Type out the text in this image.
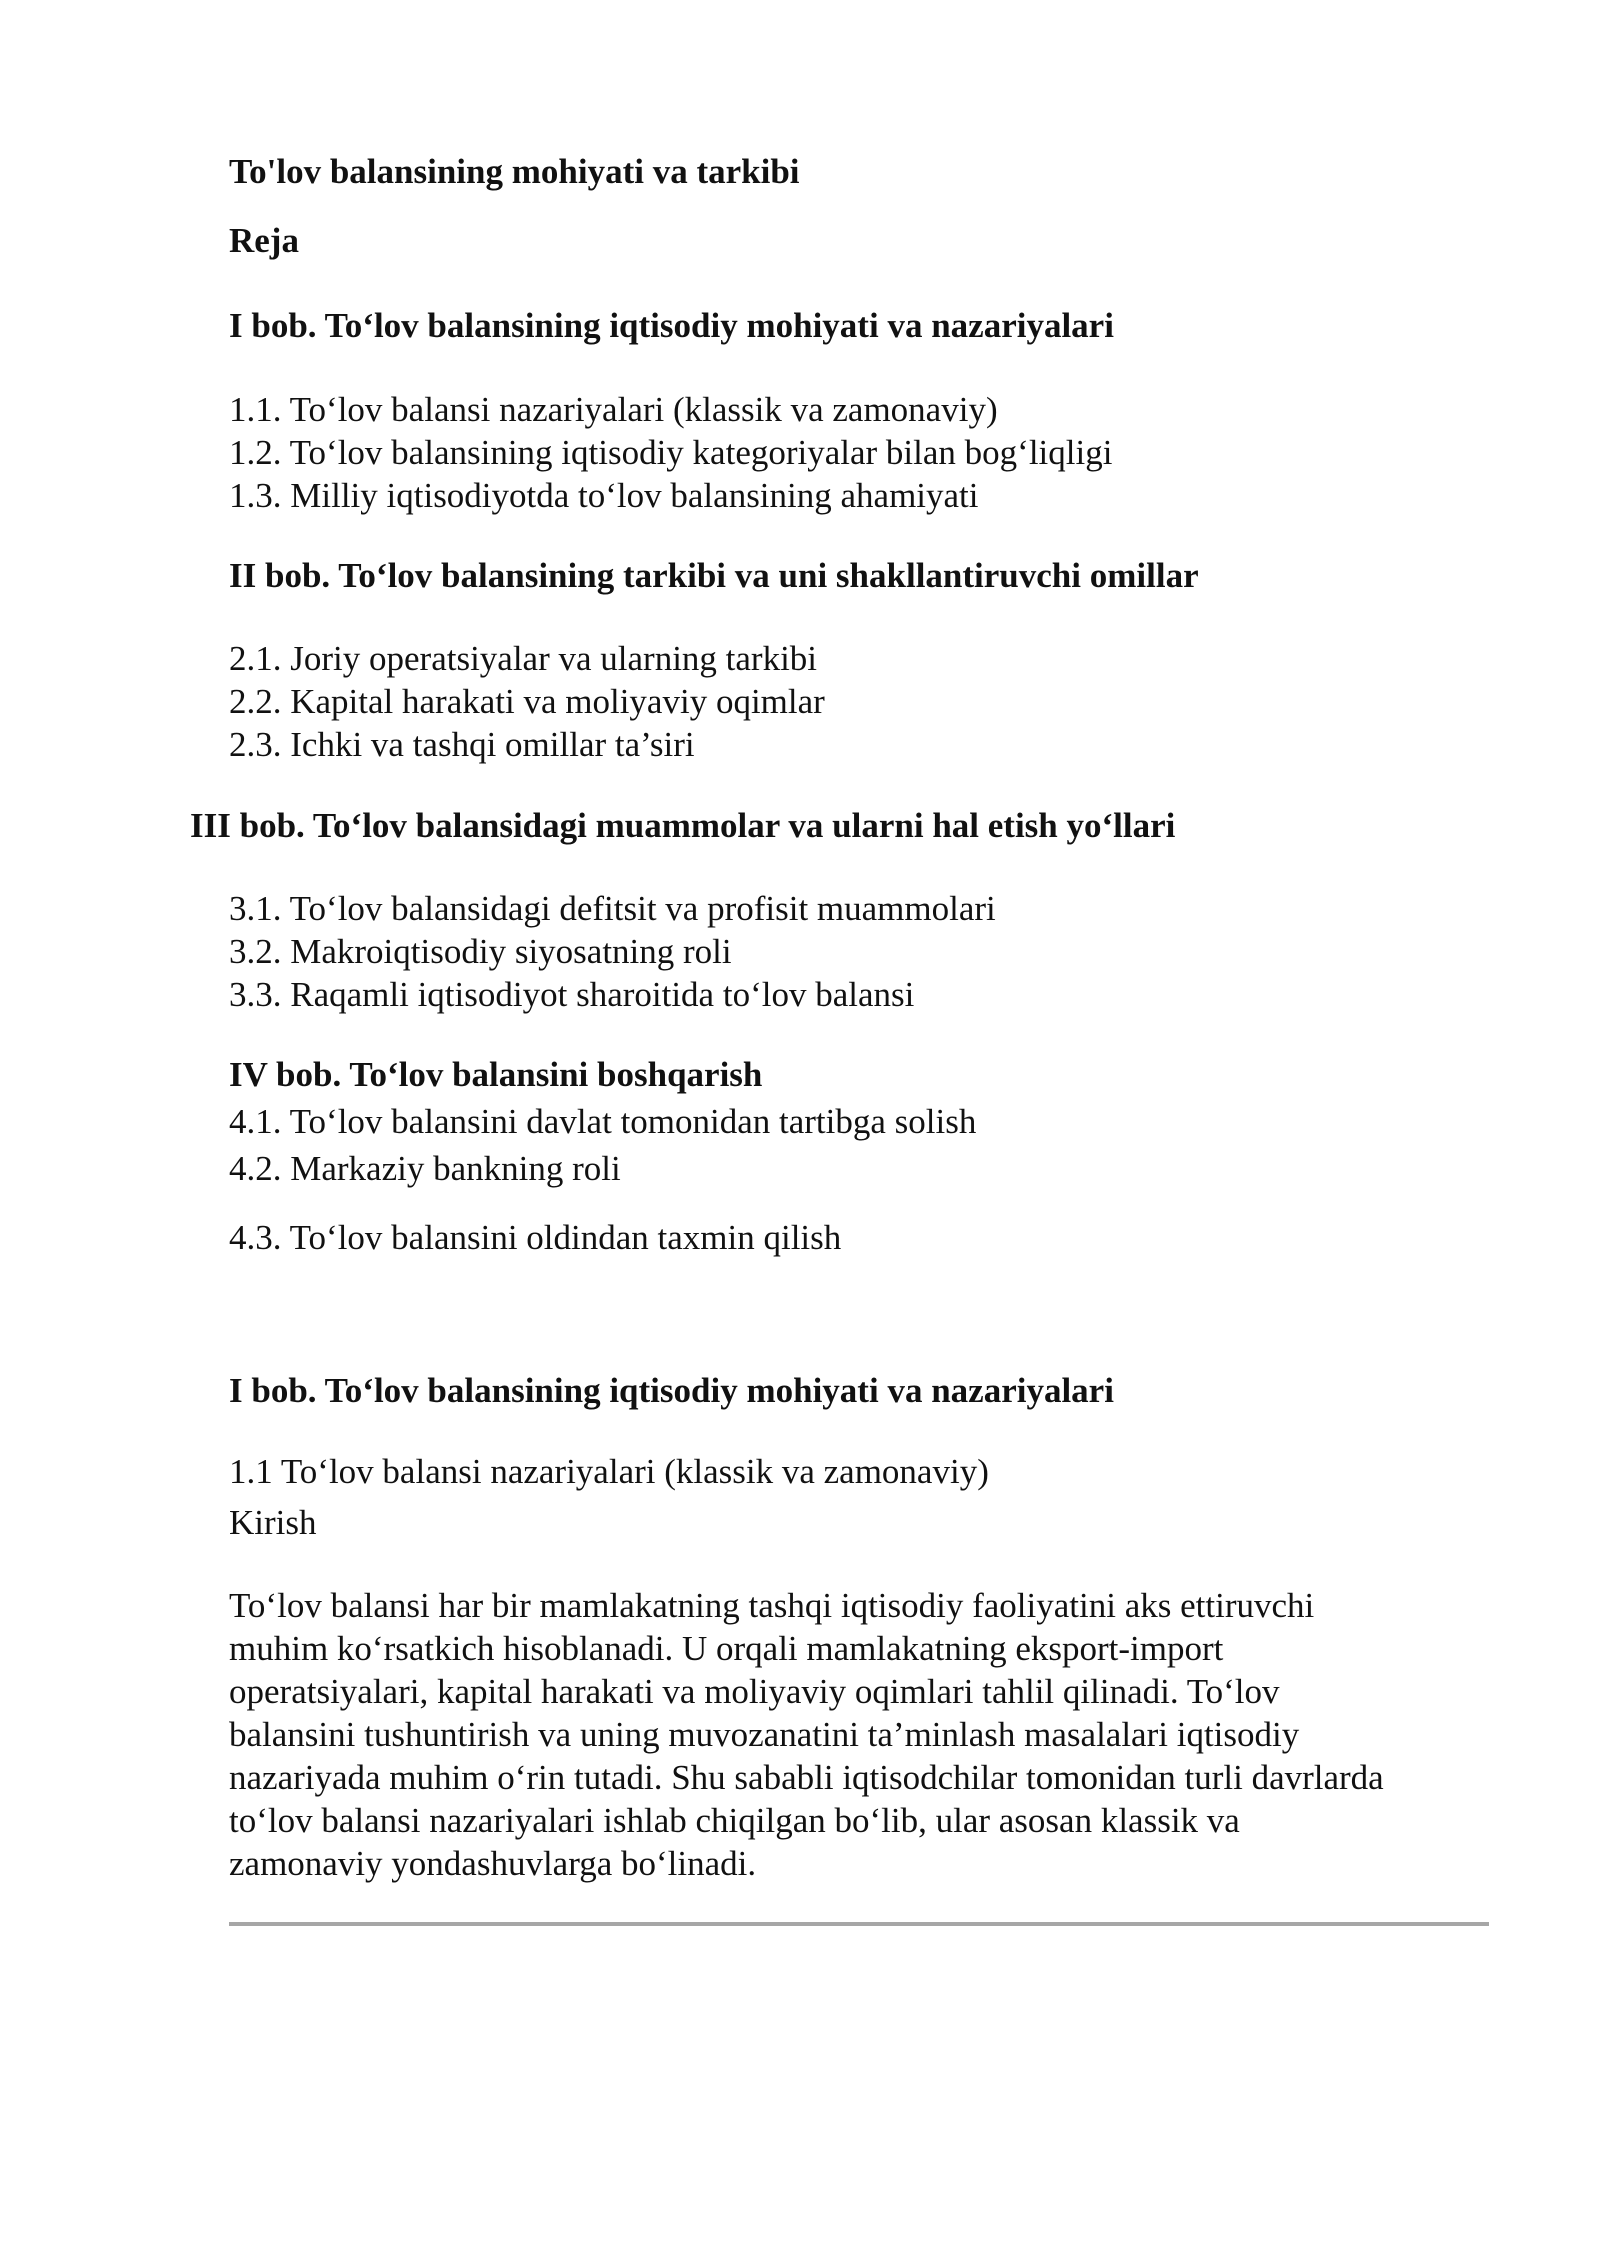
To'lov balansining mohiyati va tarkibi
Reja
I bob. To‘lov balansining iqtisodiy mohiyati va nazariyalari
1.1. To‘lov balansi nazariyalari (klassik va zamonaviy)
1.2. To‘lov balansining iqtisodiy kategoriyalar bilan bog‘liqligi
1.3. Milliy iqtisodiyotda to‘lov balansining ahamiyati
II bob. To‘lov balansining tarkibi va uni shakllantiruvchi omillar
2.1. Joriy operatsiyalar va ularning tarkibi
2.2. Kapital harakati va moliyaviy oqimlar
2.3. Ichki va tashqi omillar ta’siri
III bob. To‘lov balansidagi muammolar va ularni hal etish yo‘llari
3.1. To‘lov balansidagi defitsit va profisit muammolari
3.2. Makroiqtisodiy siyosatning roli
3.3. Raqamli iqtisodiyot sharoitida to‘lov balansi
IV bob. To‘lov balansini boshqarish
4.1. To‘lov balansini davlat tomonidan tartibga solish
4.2. Markaziy bankning roli
4.3. To‘lov balansini oldindan taxmin qilish
I bob. To‘lov balansining iqtisodiy mohiyati va nazariyalari
1.1 To‘lov balansi nazariyalari (klassik va zamonaviy)
Kirish
To‘lov balansi har bir mamlakatning tashqi iqtisodiy faoliyatini aks ettiruvchi
muhim ko‘rsatkich hisoblanadi. U orqali mamlakatning eksport-import
operatsiyalari, kapital harakati va moliyaviy oqimlari tahlil qilinadi. To‘lov
balansini tushuntirish va uning muvozanatini ta’minlash masalalari iqtisodiy
nazariyada muhim o‘rin tutadi. Shu sababli iqtisodchilar tomonidan turli davrlarda
to‘lov balansi nazariyalari ishlab chiqilgan bo‘lib, ular asosan klassik va
zamonaviy yondashuvlarga bo‘linadi.
